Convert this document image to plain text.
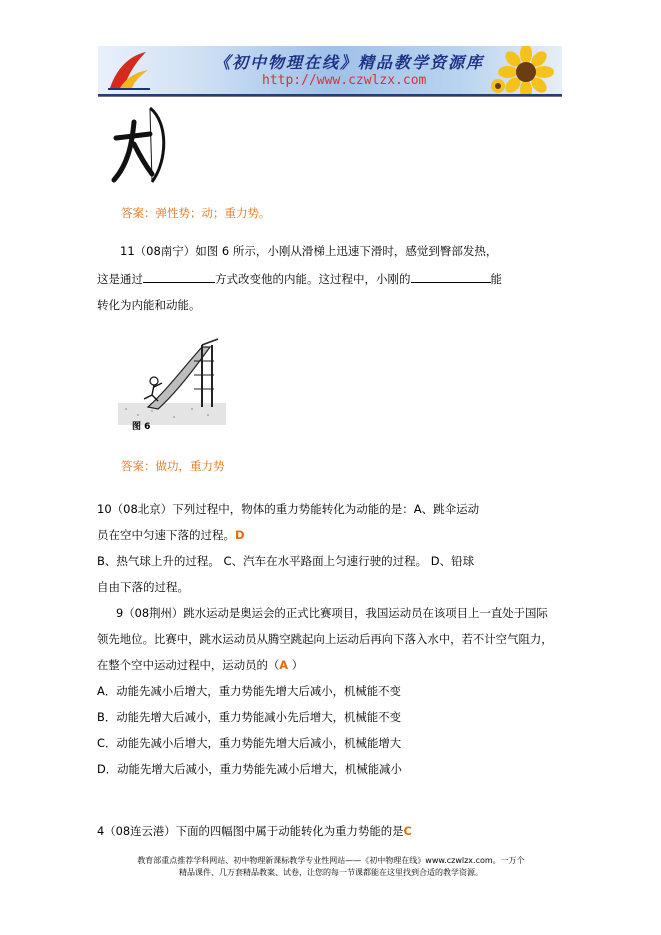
《初中物理在线》精品教学资源库
http://www.czwlzx.com
答案：弹性势；动；重力势。
11（08南宁）如图 6 所示，小刚从滑梯上迅速下滑时，感觉到臀部发热，
这是通过	方式改变他的内能。这过程中，小刚的	能
转化为内能和动能。
图 6
答案：做功，重力势
10（08北京）下列过程中，物体的重力势能转化为动能的是：A、跳伞运动
员在空中匀速下落的过程。D
B、热气球上升的过程。 C、汽车在水平路面上匀速行驶的过程。 D、铅球
自由下落的过程。
9（08荆州）跳水运动是奥运会的正式比赛项目，我国运动员在该项目上一直处于国际
领先地位。比赛中，跳水运动员从腾空跳起向上运动后再向下落入水中，若不计空气阻力，
在整个空中运动过程中，运动员的（A ）
A．动能先减小后增大，重力势能先增大后减小，机械能不变
B．动能先增大后减小，重力势能减小先后增大，机械能不变
C．动能先减小后增大，重力势能先增大后减小，机械能增大
D．动能先增大后减小，重力势能先减小后增大，机械能减小
4（08连云港）下面的四幅图中属于动能转化为重力势能的是C
教育部重点推荐学科网站、初中物理新课标教学专业性网站——《初中物理在线》www.czwlzx.com。一万个
精品课件、几万套精品教案、试卷，让您的每一节课都能在这里找到合适的教学资源。
